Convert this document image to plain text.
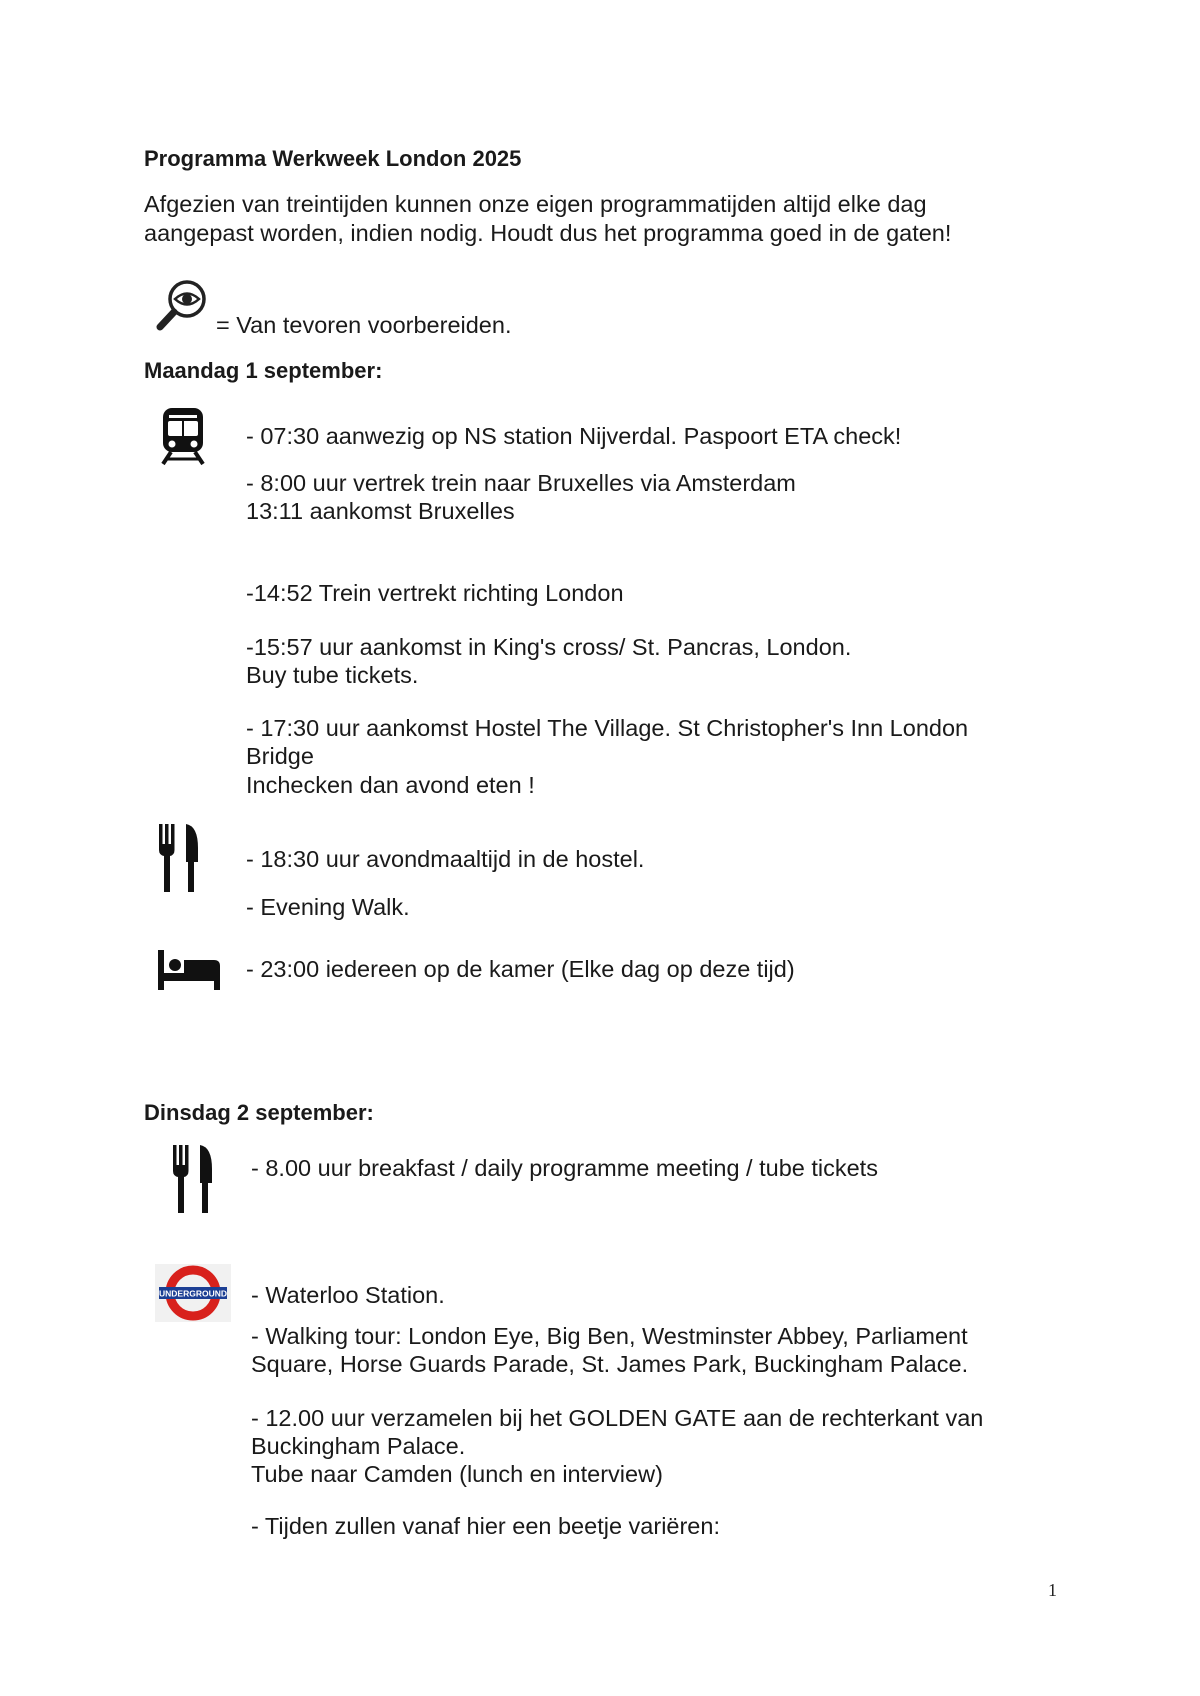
Programma Werkweek London 2025
Afgezien van treintijden kunnen onze eigen programmatijden altijd elke dag
aangepast worden, indien nodig. Houdt dus het programma goed in de gaten!
= Van tevoren voorbereiden.
Maandag 1 september:
- 07:30 aanwezig op NS station Nijverdal. Paspoort ETA check!
- 8:00 uur vertrek trein naar Bruxelles via Amsterdam
13:11 aankomst Bruxelles
-14:52 Trein vertrekt richting London
-15:57 uur aankomst in King's cross/ St. Pancras, London.
Buy tube tickets.
- 17:30 uur aankomst Hostel The Village. St Christopher's Inn London
Bridge
Inchecken dan avond eten !
- 18:30 uur avondmaaltijd in de hostel.
- Evening Walk.
- 23:00 iedereen op de kamer (Elke dag op deze tijd)
Dinsdag 2 september:
- 8.00 uur breakfast / daily programme meeting / tube tickets
UNDERGROUND - Waterloo Station.
- Walking tour: London Eye, Big Ben, Westminster Abbey, Parliament
Square, Horse Guards Parade, St. James Park, Buckingham Palace.
- 12.00 uur verzamelen bij het GOLDEN GATE aan de rechterkant van
Buckingham Palace.
Tube naar Camden (lunch en interview)
- Tijden zullen vanaf hier een beetje variëren:
1
